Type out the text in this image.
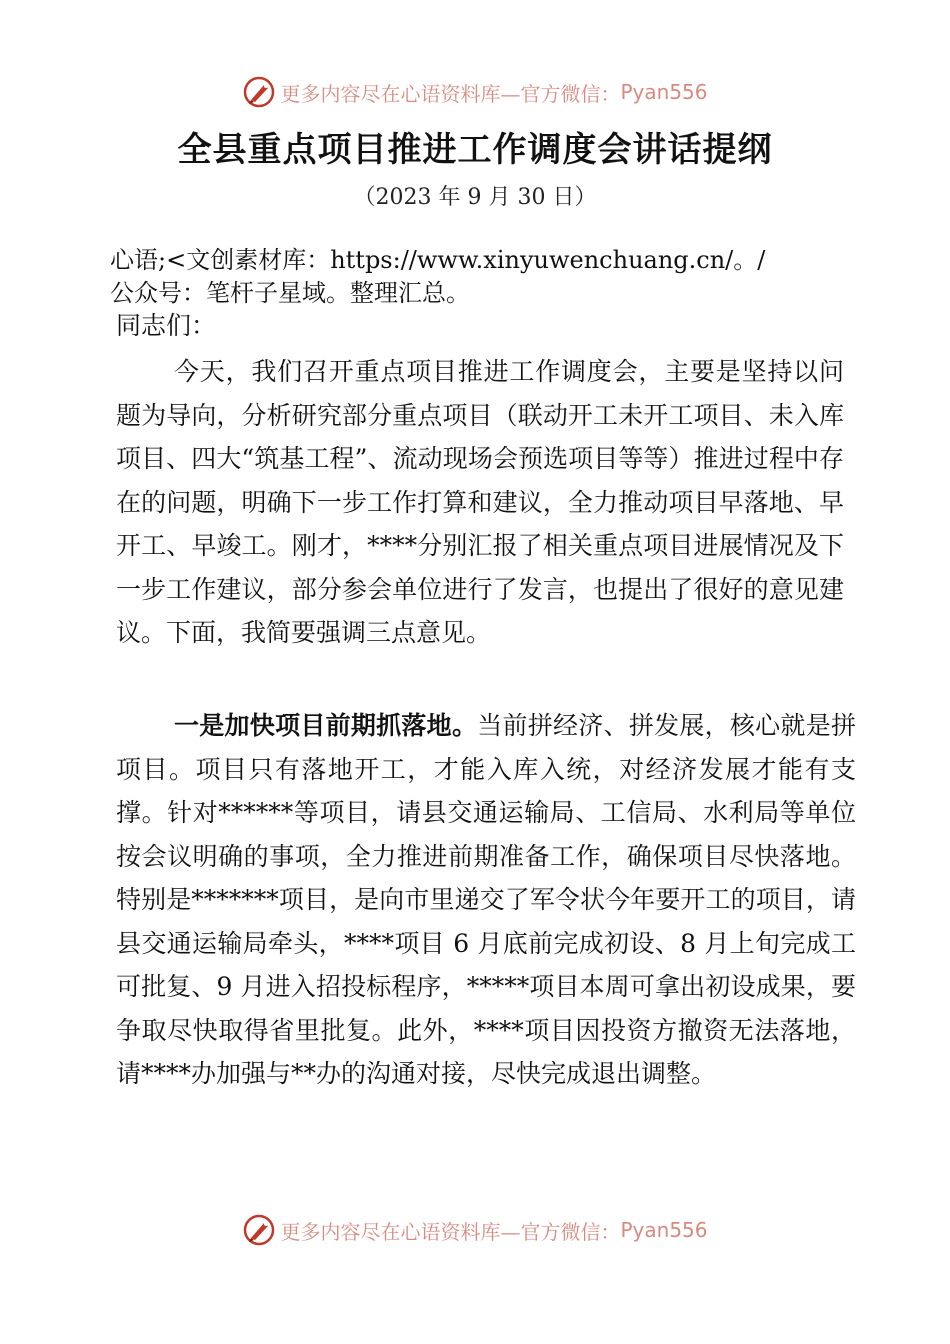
更多内容尽在心语资料库—官方微信： Pyan556
全县重点项目推进工作调度会讲话提纲
（2023 年 9 月 30 日）
心语;<文创素材库：https://www.xinyuwenchuang.cn/。/
公众号：笔杆子星域。整理汇总。
同志们：
今天，我们召开重点项目推进工作调度会，主要是坚持以问题为导向，分析研究部分重点项目（联动开工未开工项目、未入库项目、四大“筑基工程”、流动现场会预选项目等等）推进过程中存在的问题，明确下一步工作打算和建议，全力推动项目早落地、早开工、早竣工。刚才，****分别汇报了相关重点项目进展情况及下一步工作建议，部分参会单位进行了发言，也提出了很好的意见建议。下面，我简要强调三点意见。
一是加快项目前期抓落地。当前拼经济、拼发展，核心就是拼项目。项目只有落地开工，才能入库入统，对经济发展才能有支撑。针对******等项目，请县交通运输局、工信局、水利局等单位按会议明确的事项，全力推进前期准备工作，确保项目尽快落地。特别是*******项目，是向市里递交了军令状今年要开工的项目，请县交通运输局牵头，****项目 6 月底前完成初设、8 月上旬完成工可批复、9 月进入招投标程序，*****项目本周可拿出初设成果，要争取尽快取得省里批复。此外，****项目因投资方撤资无法落地，请****办加强与**办的沟通对接，尽快完成退出调整。
更多内容尽在心语资料库—官方微信： Pyan556
